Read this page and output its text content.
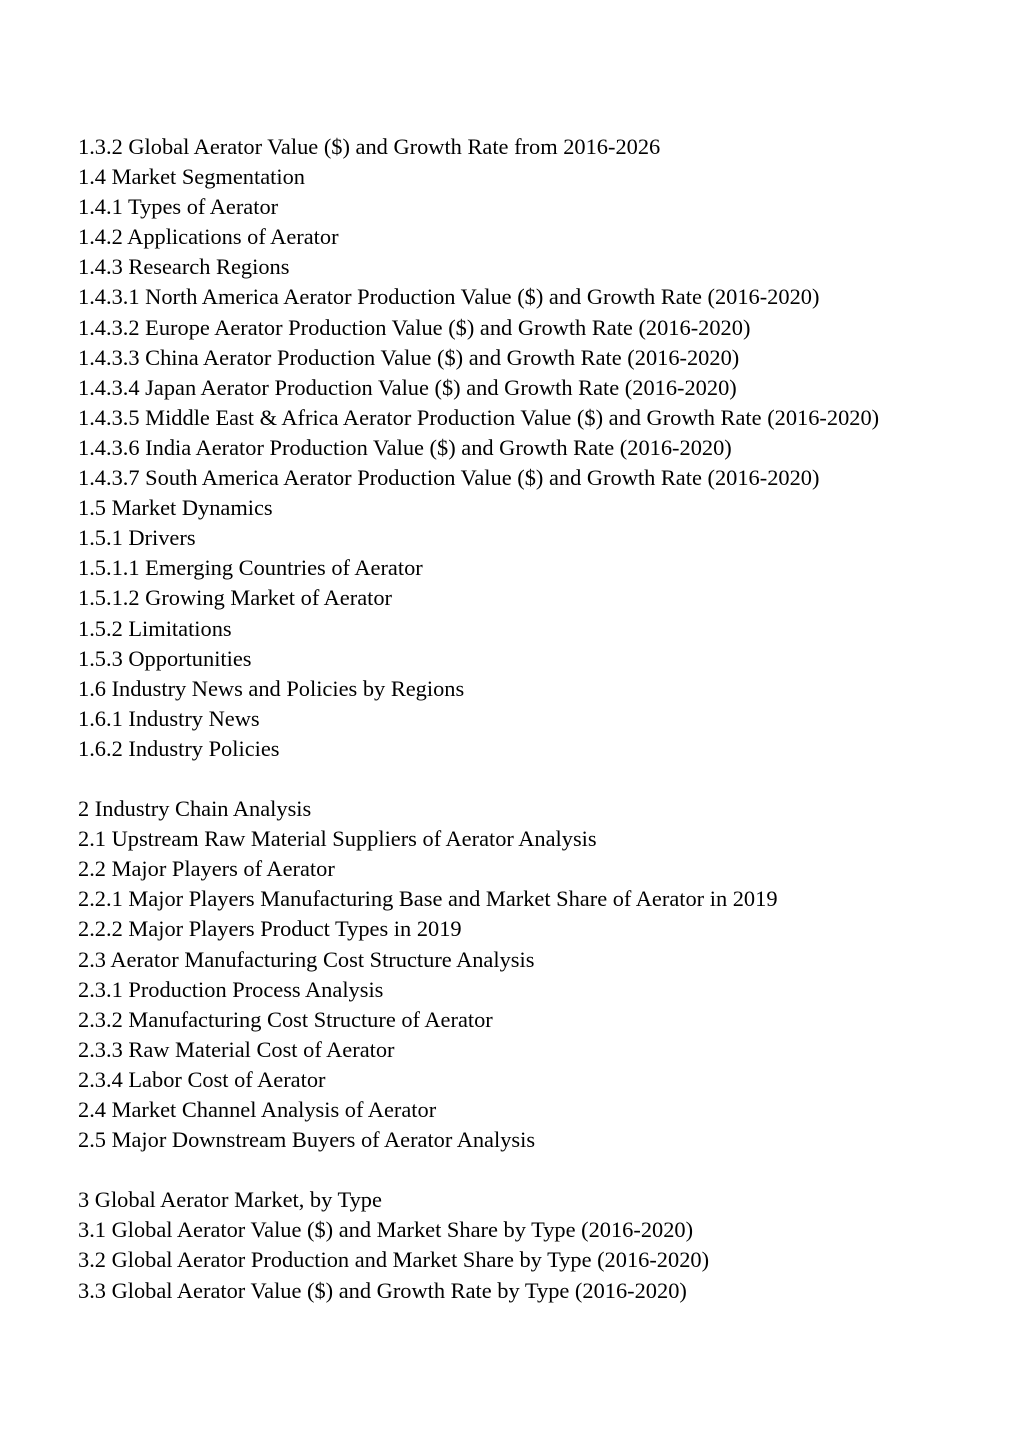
1.3.2 Global Aerator Value ($) and Growth Rate from 2016-2026
1.4 Market Segmentation
1.4.1 Types of Aerator
1.4.2 Applications of Aerator
1.4.3 Research Regions
1.4.3.1 North America Aerator Production Value ($) and Growth Rate (2016-2020)
1.4.3.2 Europe Aerator Production Value ($) and Growth Rate (2016-2020)
1.4.3.3 China Aerator Production Value ($) and Growth Rate (2016-2020)
1.4.3.4 Japan Aerator Production Value ($) and Growth Rate (2016-2020)
1.4.3.5 Middle East & Africa Aerator Production Value ($) and Growth Rate (2016-2020)
1.4.3.6 India Aerator Production Value ($) and Growth Rate (2016-2020)
1.4.3.7 South America Aerator Production Value ($) and Growth Rate (2016-2020)
1.5 Market Dynamics
1.5.1 Drivers
1.5.1.1 Emerging Countries of Aerator
1.5.1.2 Growing Market of Aerator
1.5.2 Limitations
1.5.3 Opportunities
1.6 Industry News and Policies by Regions
1.6.1 Industry News
1.6.2 Industry Policies
2 Industry Chain Analysis
2.1 Upstream Raw Material Suppliers of Aerator Analysis
2.2 Major Players of Aerator
2.2.1 Major Players Manufacturing Base and Market Share of Aerator in 2019
2.2.2 Major Players Product Types in 2019
2.3 Aerator Manufacturing Cost Structure Analysis
2.3.1 Production Process Analysis
2.3.2 Manufacturing Cost Structure of Aerator
2.3.3 Raw Material Cost of Aerator
2.3.4 Labor Cost of Aerator
2.4 Market Channel Analysis of Aerator
2.5 Major Downstream Buyers of Aerator Analysis
3 Global Aerator Market, by Type
3.1 Global Aerator Value ($) and Market Share by Type (2016-2020)
3.2 Global Aerator Production and Market Share by Type (2016-2020)
3.3 Global Aerator Value ($) and Growth Rate by Type (2016-2020)
